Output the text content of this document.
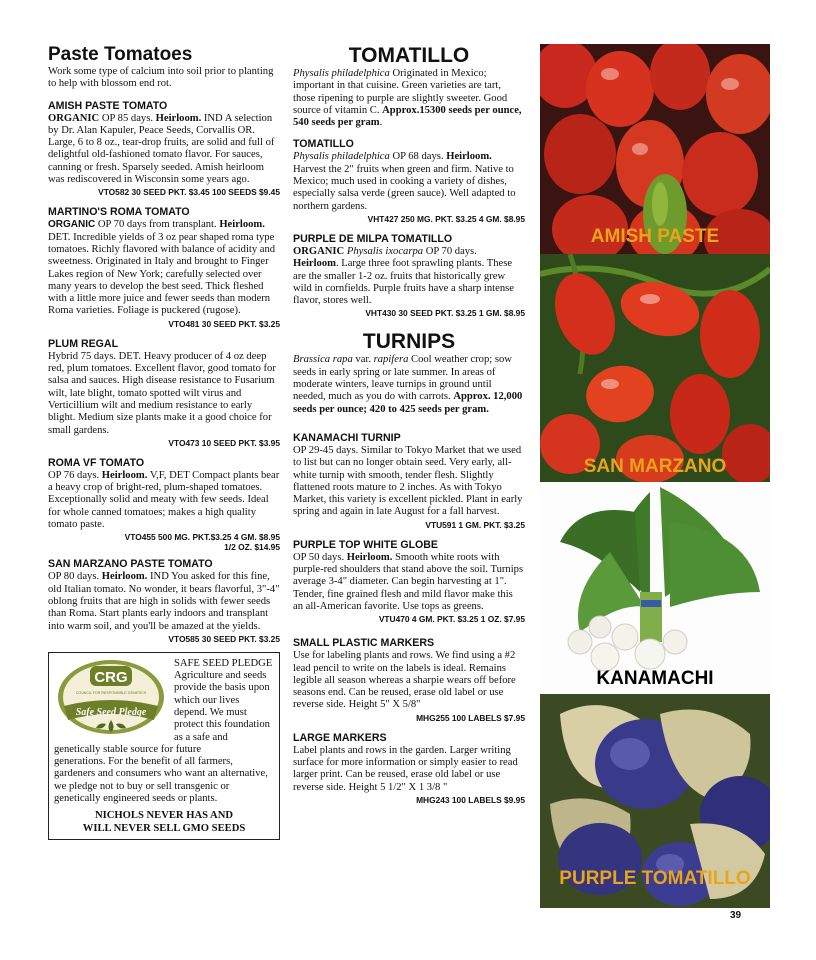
Paste Tomatoes

Work some type of calcium into soil prior to planting to help with blossom end rot.

AMISH PASTE TOMATO

ORGANIC OP 85 days. Heirloom. IND A selection by Dr. Alan Kapuler, Peace Seeds, Corvallis OR. Large, 6 to 8 oz., tear-drop fruits, are solid and full of delightful old-fashioned tomato flavor. For sauces, canning or fresh. Sparsely seeded. Amish heirloom was rediscovered in Wisconsin some years ago.

VTO582 30 SEED PKT. $3.45 100 SEEDS $9.45

MARTINO'S ROMA TOMATO

ORGANIC OP 70 days from transplant. Heirloom. DET. Incredible yields of 3 oz pear shaped roma type tomatoes. Richly flavored with balance of acidity and sweetness. Originated in Italy and brought to Finger Lakes region of New York; carefully selected over many years to develop the best seed. Thick fleshed with a little more juice and fewer seeds than modern Roma varieties. Foliage is puckered (rugose).

VTO481 30 SEED PKT. $3.25

PLUM REGAL

Hybrid 75 days. DET. Heavy producer of 4 oz deep red, plum tomatoes. Excellent flavor, good tomato for salsa and sauces. High disease resistance to Fusarium wilt, late blight, tomato spotted wilt virus and Verticillium wilt and medium resistance to early blight. Medium size plants make it a good choice for small gardens.

VTO473 10 SEED PKT. $3.95

ROMA VF TOMATO

OP 76 days. Heirloom. V,F, DET Compact plants bear a heavy crop of bright-red, plum-shaped tomatoes. Exceptionally solid and meaty with few seeds. Ideal for whole canned tomatoes; makes a high quality tomato paste.

VTO455 500 MG. PKT.$3.25 4 GM. $8.95

1/2 OZ. $14.95

SAN MARZANO PASTE TOMATO

OP 80 days. Heirloom. IND You asked for this fine, old Italian tomato. No wonder, it bears flavorful, 3"-4" oblong fruits that are high in solids with fewer seeds than Roma. Start plants early indoors and transplant into warm soil, and you'll be amazed at the yields.

VTO585 30 SEED PKT. $3.25

CRG
COUNCIL FOR RESPONSIBLE GENETICS
Safe Seed Pledge

SAFE SEED PLEDGE Agriculture and seeds provide the basis upon which our lives depend. We must protect this foundation as a safe and genetically stable source for future

generations. For the benefit of all farmers, gardeners and consumers who want an alternative, we pledge not to buy or sell transgenic or genetically engineered seeds or plants.

NICHOLS NEVER HAS AND
WILL NEVER SELL GMO SEEDS
TOMATILLO

Physalis philadelphica Originated in Mexico; important in that cuisine. Green varieties are tart, those ripening to purple are slightly sweeter. Good source of vitamin C. Approx.15300 seeds per ounce, 540 seeds per gram.

TOMATILLO

Physalis philadelphica OP 68 days. Heirloom. Harvest the 2" fruits when green and firm. Native to Mexico; much used in cooking a variety of dishes, especially salsa verde (green sauce). Well adapted to northern gardens.

VHT427 250 MG. PKT. $3.25 4 GM. $8.95

PURPLE DE MILPA TOMATILLO

ORGANIC Physalis ixocarpa OP 70 days. Heirloom. Large three foot sprawling plants. These are the smaller 1-2 oz. fruits that historically grew wild in cornfields. Purple fruits have a sharp intense flavor, stores well.

VHT430 30 SEED PKT. $3.25 1 GM. $8.95

TURNIPS

Brassica rapa var. rapifera Cool weather crop; sow seeds in early spring or late summer. In areas of moderate winters, leave turnips in ground until needed, much as you do with carrots. Approx. 12,000 seeds per ounce; 420 to 425 seeds per gram.

KANAMACHI TURNIP

OP 29-45 days. Similar to Tokyo Market that we used to list but can no longer obtain seed. Very early, all-white turnip with smooth, tender flesh. Slightly flattened roots mature to 2 inches. As with Tokyo Market, this variety is excellent pickled. Plant in early spring and again in late August for a fall harvest.

VTU591 1 GM. PKT. $3.25

PURPLE TOP WHITE GLOBE

OP 50 days. Heirloom. Smooth white roots with purple-red shoulders that stand above the soil. Turnips average 3-4" diameter. Can begin harvesting at 1". Tender, fine grained flesh and mild flavor make this an all-American favorite. Use tops as greens.

VTU470 4 GM. PKT. $3.25 1 OZ. $7.95

SMALL PLASTIC MARKERS

Use for labeling plants and rows. We find using a #2 lead pencil to write on the labels is ideal. Remains legible all season whereas a sharpie wears off before seasons end. Can be reused, erase old label or use reverse side. Height 5" X 5/8"

MHG255 100 LABELS $7.95

LARGE MARKERS

Label plants and rows in the garden. Larger writing surface for more information or simply easier to read larger print. Can be reused, erase old label or use reverse side. Height 5 1/2" X 1 3/8 "

MHG243 100 LABELS $9.95

AMISH PASTE
SAN MARZANO
KANAMACHI
PURPLE TOMATILLO
39
